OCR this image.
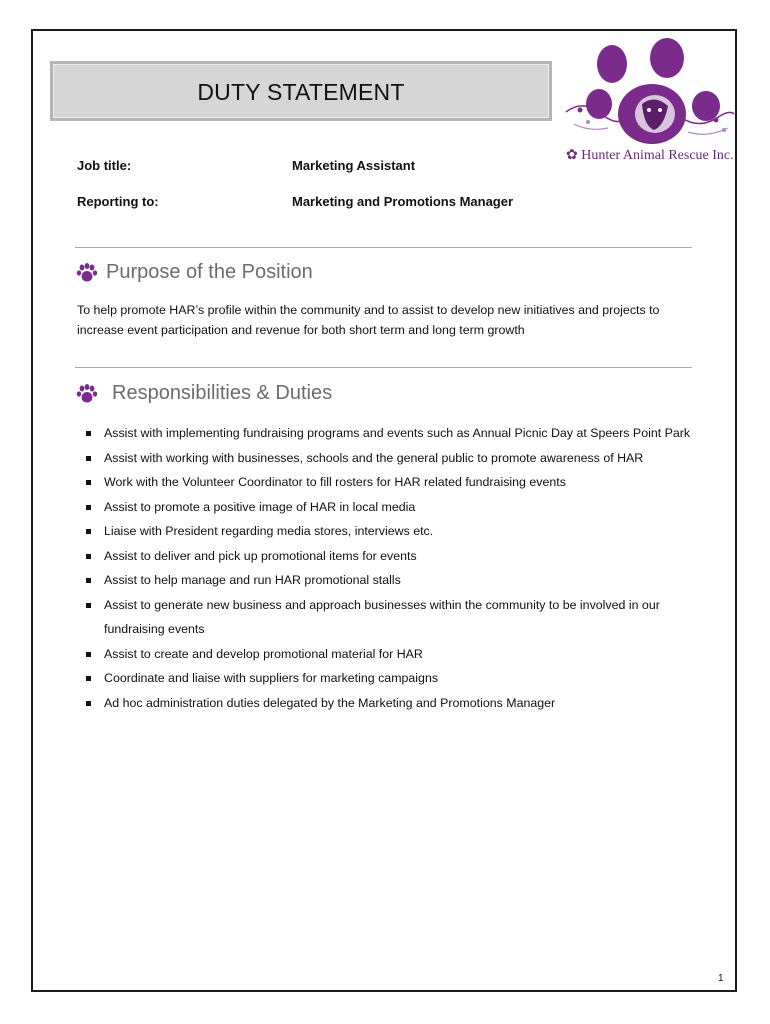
DUTY STATEMENT
✿ Hunter Animal Rescue Inc.
Job title:	Marketing Assistant
Reporting to:	Marketing and Promotions Manager
Purpose of the Position
To help promote HAR’s profile within the community and to assist to develop new initiatives and projects to increase event participation and revenue for both short term and long term growth
Responsibilities & Duties
Assist with implementing fundraising programs and events such as Annual Picnic Day at Speers Point Park
Assist with working with businesses, schools and the general public to promote awareness of HAR
Work with the Volunteer Coordinator to fill rosters for HAR related fundraising events
Assist to promote a positive image of HAR in local media
Liaise with President regarding media stores, interviews etc.
Assist to deliver and pick up promotional items for events
Assist to help manage and run HAR promotional stalls
Assist to generate new business and approach businesses within the community to be involved in our fundraising events
Assist to create and develop promotional material for HAR
Coordinate and liaise with suppliers for marketing campaigns
Ad hoc administration duties delegated by the Marketing and Promotions Manager
1
